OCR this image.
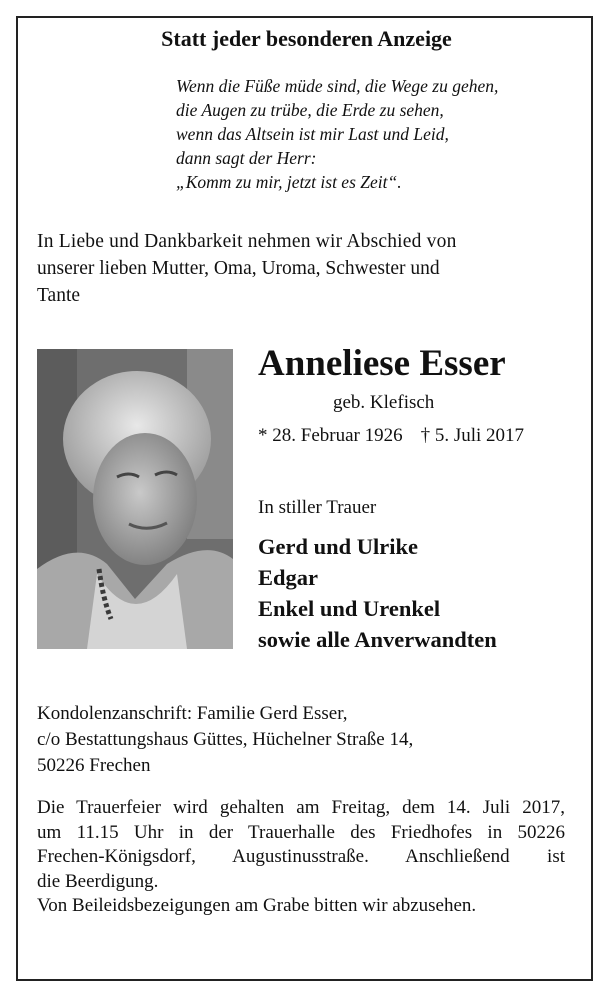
Statt jeder besonderen Anzeige
Wenn die Füße müde sind, die Wege zu gehen,
die Augen zu trübe, die Erde zu sehen,
wenn das Altsein ist mir Last und Leid,
dann sagt der Herr:
„Komm zu mir, jetzt ist es Zeit“.
In Liebe und Dankbarkeit nehmen wir Abschied von
unserer lieben Mutter, Oma, Uroma, Schwester und
Tante
Anneliese Esser
geb. Klefisch
* 28. Februar 1926 † 5. Juli 2017
In stiller Trauer
Gerd und Ulrike
Edgar
Enkel und Urenkel
sowie alle Anverwandten
Kondolenzanschrift: Familie Gerd Esser,
c/o Bestattungshaus Güttes, Hüchelner Straße 14,
50226 Frechen
Die Trauerfeier wird gehalten am Freitag, dem 14. Juli 2017,
um 11.15 Uhr in der Trauerhalle des Friedhofes in 50226
Frechen-Königsdorf, Augustinusstraße. Anschließend ist
die Beerdigung.
Von Beileidsbezeigungen am Grabe bitten wir abzusehen.
